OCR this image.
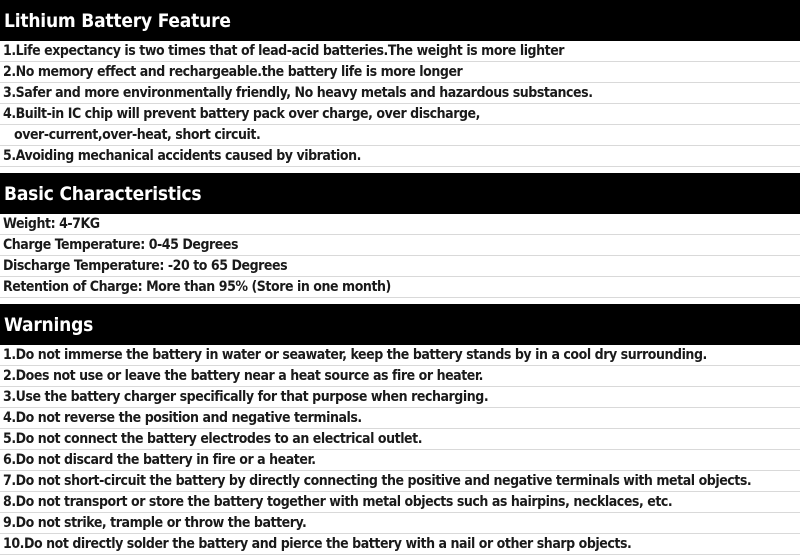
Lithium Battery Feature
1.Life expectancy is two times that of lead-acid batteries.The weight is more lighter
2.No memory effect and rechargeable.the battery life is more longer
3.Safer and more environmentally friendly, No heavy metals and hazardous substances.
4.Built-in IC chip will prevent battery pack over charge, over discharge,
over-current,over-heat, short circuit.
5.Avoiding mechanical accidents caused by vibration.
Basic Characteristics
Weight: 4-7KG
Charge Temperature: 0-45 Degrees
Discharge Temperature: -20 to 65 Degrees
Retention of Charge: More than 95% (Store in one month)
Warnings
1.Do not immerse the battery in water or seawater, keep the battery stands by in a cool dry surrounding.
2.Does not use or leave the battery near a heat source as fire or heater.
3.Use the battery charger specifically for that purpose when recharging.
4.Do not reverse the position and negative terminals.
5.Do not connect the battery electrodes to an electrical outlet.
6.Do not discard the battery in fire or a heater.
7.Do not short-circuit the battery by directly connecting the positive and negative terminals with metal objects.
8.Do not transport or store the battery together with metal objects such as hairpins, necklaces, etc.
9.Do not strike, trample or throw the battery.
10.Do not directly solder the battery and pierce the battery with a nail or other sharp objects.
